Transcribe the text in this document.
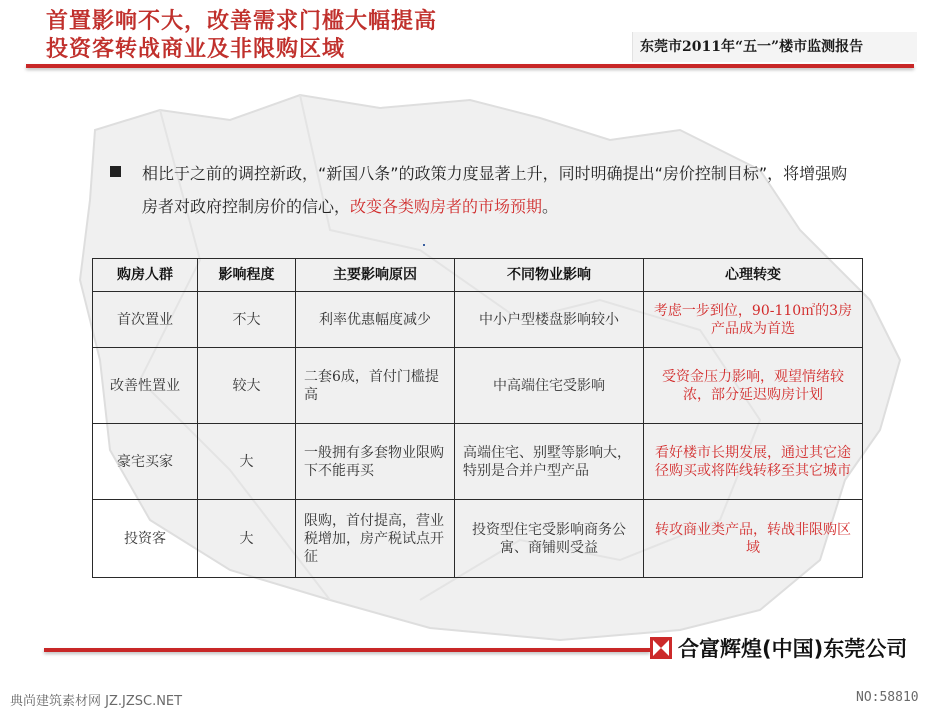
首置影响不大，改善需求门槛大幅提高
投资客转战商业及非限购区域	东莞市2011年“五一”楼市监测报告
相比于之前的调控新政，“新国八条”的政策力度显著上升，同时明确提出“房价控制目标”，将增强购房者对政府控制房价的信心，改变各类购房者的市场预期。
购房人群	影响程度	主要影响原因	不同物业影响	心理转变
首次置业	不大	利率优惠幅度减少	中小户型楼盘影响较小	考虑一步到位，90-110㎡的3房产品成为首选
改善性置业	较大	二套6成，首付门槛提高	中高端住宅受影响	受资金压力影响，观望情绪较浓，部分延迟购房计划
豪宅买家	大	一般拥有多套物业限购下不能再买	高端住宅、别墅等影响大，特别是合并户型产品	看好楼市长期发展，通过其它途径购买或将阵线转移至其它城市
投资客	大	限购，首付提高，营业税增加，房产税试点开征	投资型住宅受影响商务公寓、商铺则受益	转攻商业类产品，转战非限购区域
合富辉煌(中国)东莞公司
典尚建筑素材网 JZ.JZSC.NET	NO:58810
